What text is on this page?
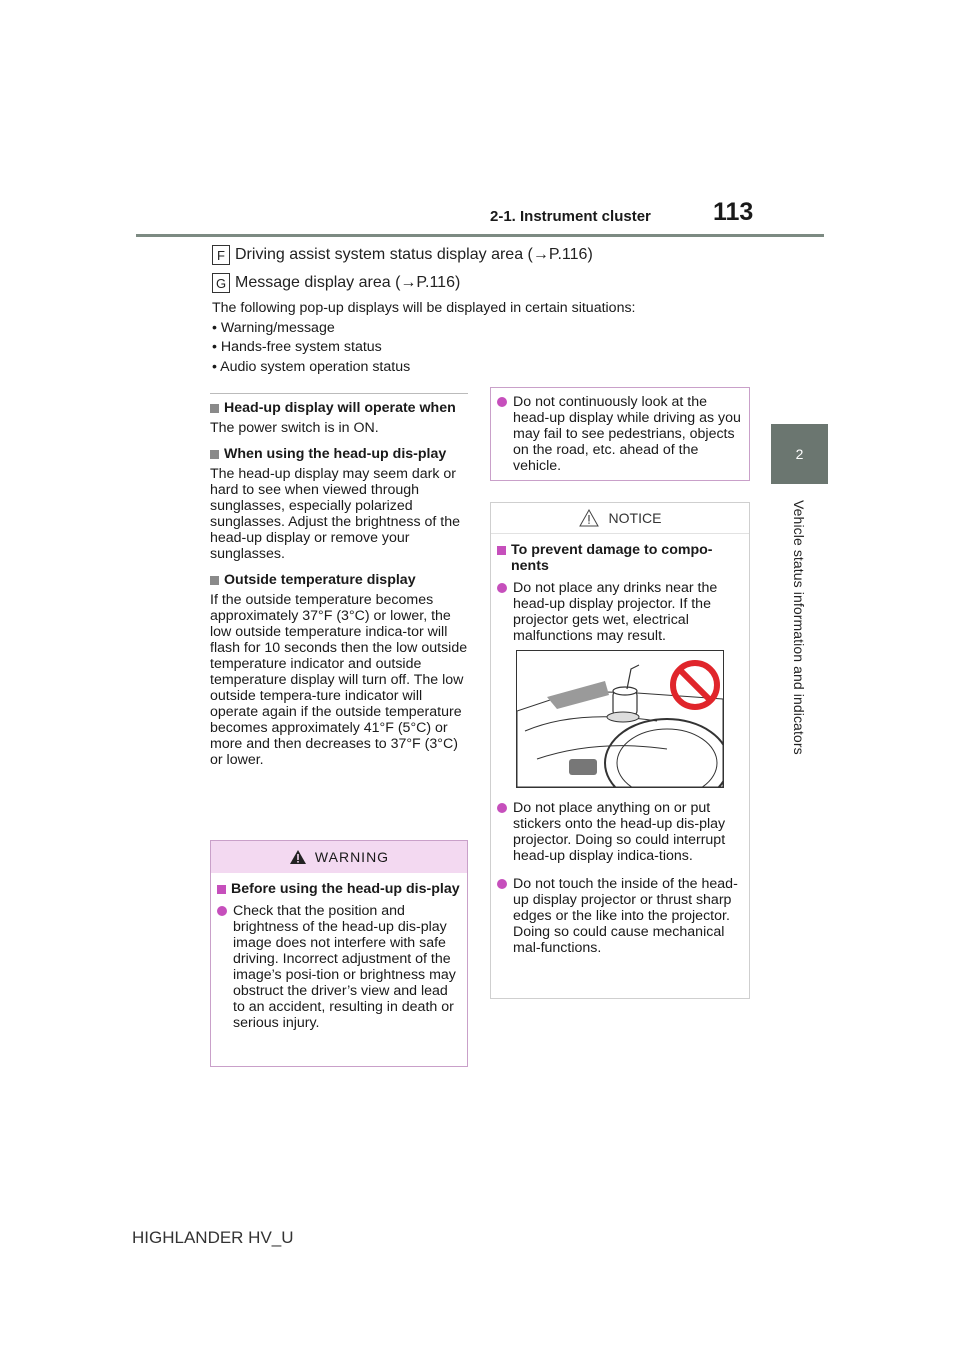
2-1. Instrument cluster	113
2
Vehicle status information and indicators
F Driving assist system status display area (→P.116)
G Message display area (→P.116)
The following pop-up displays will be displayed in certain situations:
• Warning/message
• Hands-free system status
• Audio system operation status
Head-up display will operate when
The power switch is in ON.
When using the head-up dis-play
The head-up display may seem dark or hard to see when viewed through sunglasses, especially polarized sunglasses. Adjust the brightness of the head-up display or remove your sunglasses.
Outside temperature display
If the outside temperature becomes approximately 37°F (3°C) or lower, the low outside temperature indica-tor will flash for 10 seconds then the low outside temperature indicator and outside temperature display will turn off. The low outside tempera-ture indicator will operate again if the outside temperature becomes approximately 41°F (5°C) or more and then decreases to 37°F (3°C) or lower.
WARNING
Before using the head-up dis-play
Check that the position and brightness of the head-up dis-play image does not interfere with safe driving. Incorrect adjustment of the image’s posi-tion or brightness may obstruct the driver’s view and lead to an accident, resulting in death or serious injury.
Do not continuously look at the head-up display while driving as you may fail to see pedestrians, objects on the road, etc. ahead of the vehicle.
NOTICE
To prevent damage to compo-nents
Do not place any drinks near the head-up display projector. If the projector gets wet, electrical malfunctions may result.
Do not place anything on or put stickers onto the head-up dis-play projector. Doing so could interrupt head-up display indica-tions.
Do not touch the inside of the head-up display projector or thrust sharp edges or the like into the projector. Doing so could cause mechanical mal-functions.
HIGHLANDER HV_U
